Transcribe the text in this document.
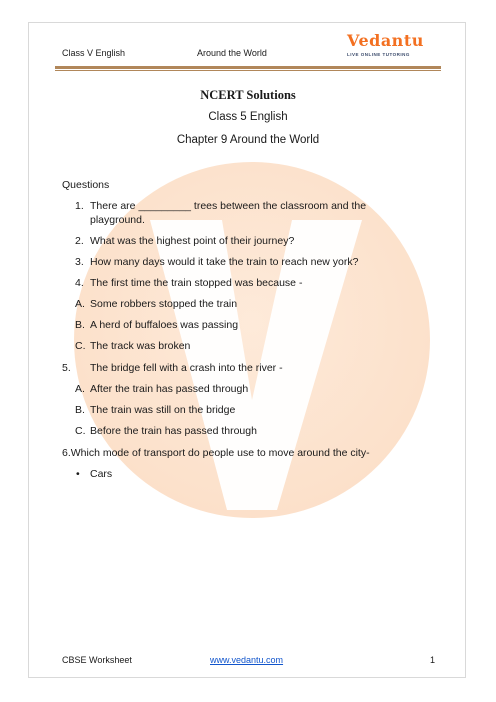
Class V English	Around the World
Vedantu
LIVE ONLINE TUTORING
NCERT Solutions
Class 5 English
Chapter 9 Around the World
Questions
1. There are _________ trees between the classroom and the
playground.
2. What was the highest point of their journey?
3. How many days would it take the train to reach new york?
4. The first time the train stopped was because -
A. Some robbers stopped the train
B. A herd of buffaloes was passing
C. The track was broken
5. The bridge fell with a crash into the river -
A. After the train has passed through
B. The train was still on the bridge
C. Before the train has passed through
6.Which mode of transport do people use to move around the city-
• Cars
CBSE Worksheet	www.vedantu.com	1
